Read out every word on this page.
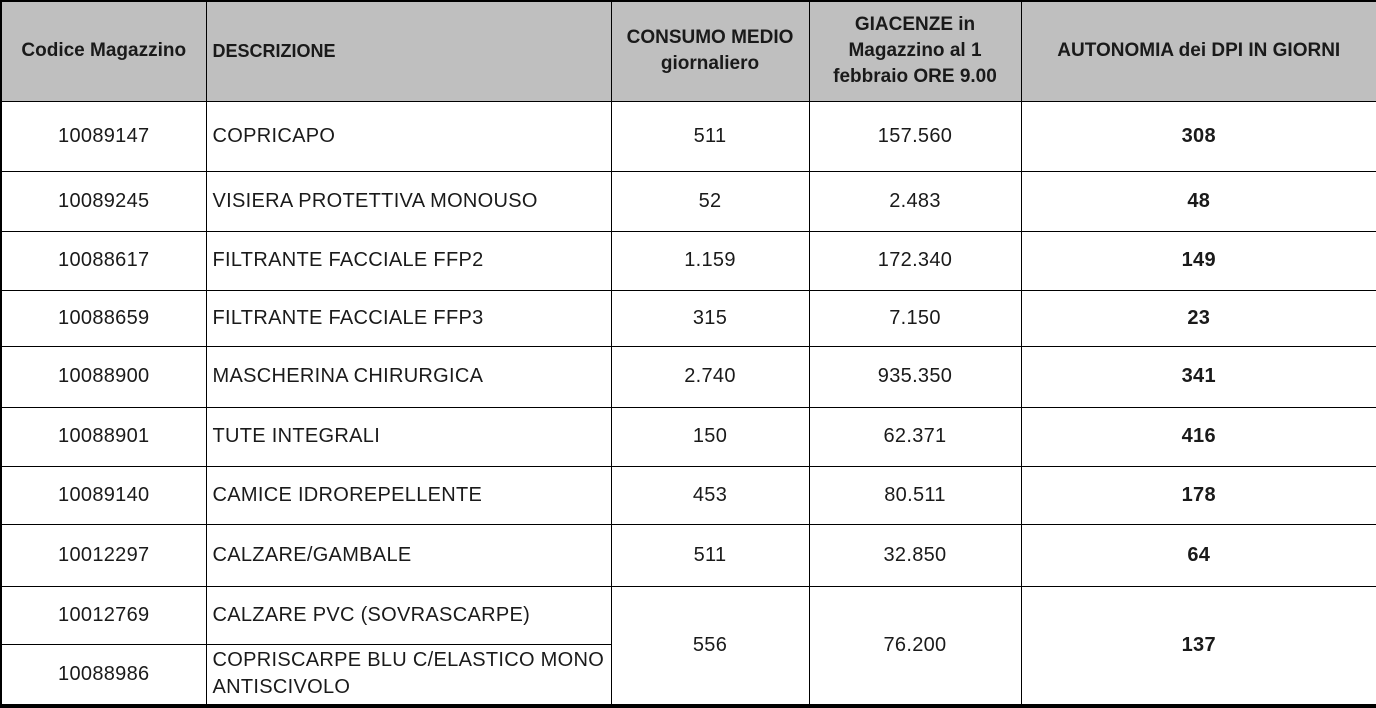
Codice Magazzino	DESCRIZIONE	CONSUMO MEDIO giornaliero	GIACENZE in Magazzino al 1 febbraio ORE 9.00	AUTONOMIA dei DPI IN GIORNI
10089147	COPRICAPO	511	157.560	308
10089245	VISIERA PROTETTIVA MONOUSO	52	2.483	48
10088617	FILTRANTE FACCIALE FFP2	1.159	172.340	149
10088659	FILTRANTE FACCIALE FFP3	315	7.150	23
10088900	MASCHERINA CHIRURGICA	2.740	935.350	341
10088901	TUTE INTEGRALI	150	62.371	416
10089140	CAMICE IDROREPELLENTE	453	80.511	178
10012297	CALZARE/GAMBALE	511	32.850	64
10012769	CALZARE PVC (SOVRASCARPE)	556	76.200	137
10088986	COPRISCARPE BLU C/ELASTICO MONO ANTISCIVOLO			
